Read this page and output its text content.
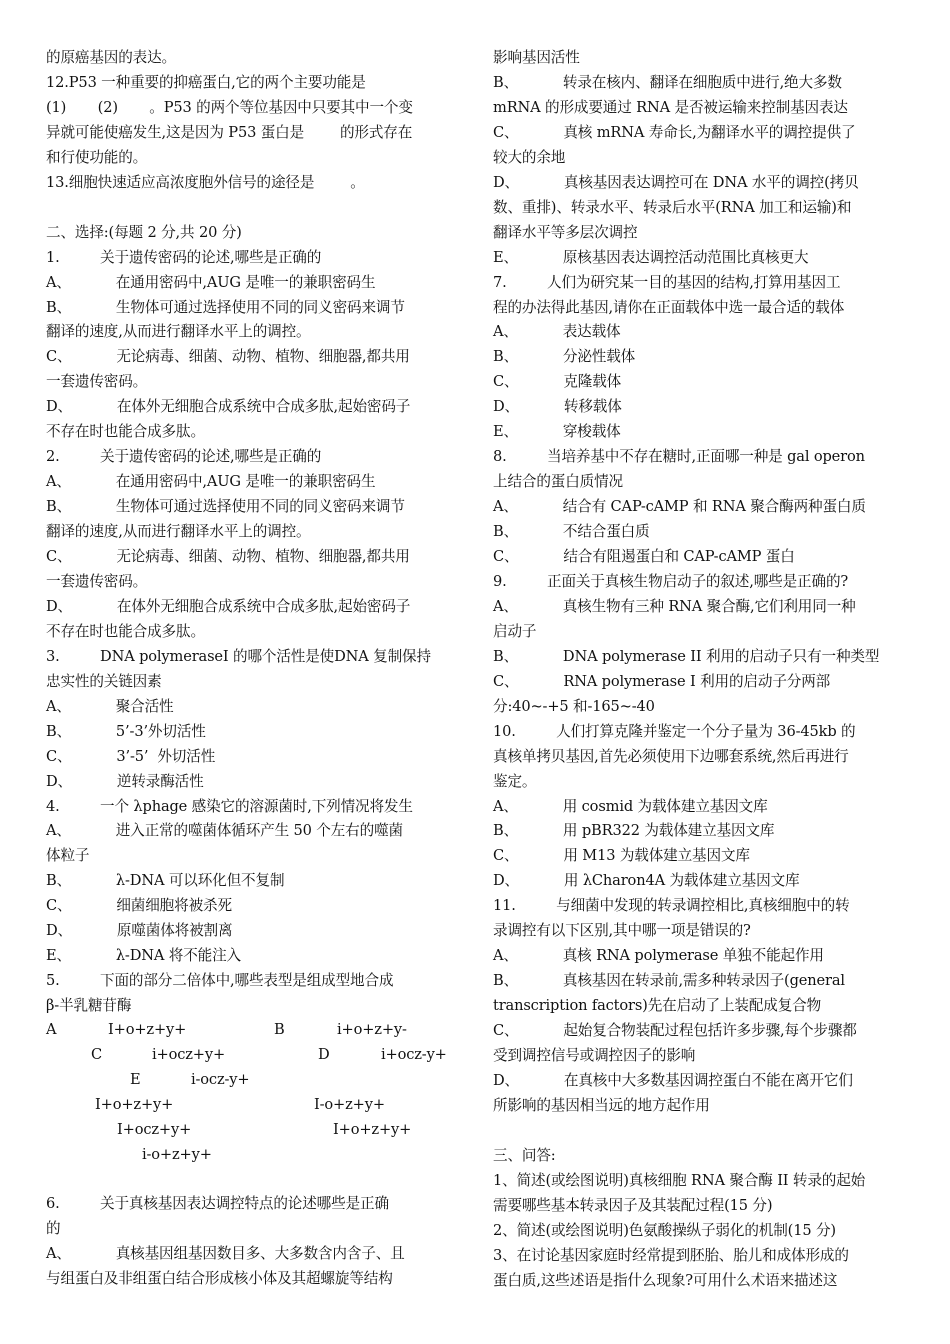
的原癌基因的表达。
12.P53 一种重要的抑癌蛋白,它的两个主要功能是
(1)       (2)       。P53 的两个等位基因中只要其中一个变
异就可能使癌发生,这是因为 P53 蛋白是        的形式存在
和行使功能的。
13.细胞快速适应高浓度胞外信号的途径是        。
二、选择:(每题 2 分,共 20 分)
1.         关于遗传密码的论述,哪些是正确的
A、          在通用密码中,AUG 是唯一的兼职密码生
B、          生物体可通过选择使用不同的同义密码来调节
翻译的速度,从而进行翻译水平上的调控。
C、          无论病毒、细菌、动物、植物、细胞器,都共用
一套遗传密码。
D、          在体外无细胞合成系统中合成多肽,起始密码子
不存在时也能合成多肽。
2.         关于遗传密码的论述,哪些是正确的
A、          在通用密码中,AUG 是唯一的兼职密码生
B、          生物体可通过选择使用不同的同义密码来调节
翻译的速度,从而进行翻译水平上的调控。
C、          无论病毒、细菌、动物、植物、细胞器,都共用
一套遗传密码。
D、          在体外无细胞合成系统中合成多肽,起始密码子
不存在时也能合成多肽。
3.         DNA polymeraseI 的哪个活性是使DNA 复制保持
忠实性的关链因素
A、          聚合活性
B、          5’-3’外切活性
C、          3’-5’  外切活性
D、          逆转录酶活性
4.         一个 λphage 感染它的溶源菌时,下列情况将发生
A、          进入正常的噬菌体循环产生 50 个左右的噬菌
体粒子
B、          λ-DNA 可以环化但不复制
C、          细菌细胞将被杀死
D、          原噬菌体将被割离
E、          λ-DNA 将不能注入
5.         下面的部分二倍体中,哪些表型是组成型地合成
β-半乳糖苷酶
A	I+o+z+y+	B	i+o+z+y-
C	i+ocz+y+	D	i+ocz-y+
E	i-ocz-y+
I+o+z+y+	I-o+z+y+
I+ocz+y+	I+o+z+y+
i-o+z+y+
6.         关于真核基因表达调控特点的论述哪些是正确
的
A、          真核基因组基因数目多、大多数含内含子、且
与组蛋白及非组蛋白结合形成核小体及其超螺旋等结构
影响基因活性
B、          转录在核内、翻译在细胞质中进行,绝大多数
mRNA 的形成要通过 RNA 是否被运输来控制基因表达
C、          真核 mRNA 寿命长,为翻译水平的调控提供了
较大的余地
D、          真核基因表达调控可在 DNA 水平的调控(拷贝
数、重排)、转录水平、转录后水平(RNA 加工和运输)和
翻译水平等多层次调控
E、          原核基因表达调控活动范围比真核更大
7.         人们为研究某一目的基因的结构,打算用基因工
程的办法得此基因,请你在正面载体中选一最合适的载体
A、          表达载体
B、          分泌性载体
C、          克隆载体
D、          转移载体
E、          穿梭载体
8.         当培养基中不存在糖时,正面哪一种是 gal operon
上结合的蛋白质情况
A、          结合有 CAP-cAMP 和 RNA 聚合酶两种蛋白质
B、          不结合蛋白质
C、          结合有阻遏蛋白和 CAP-cAMP 蛋白
9.         正面关于真核生物启动子的叙述,哪些是正确的?
A、          真核生物有三种 RNA 聚合酶,它们利用同一种
启动子
B、          DNA polymerase II 利用的启动子只有一种类型
C、          RNA polymerase I 利用的启动子分两部
分:40~-+5 和-165~-40
10.         人们打算克隆并鉴定一个分子量为 36-45kb 的
真核单拷贝基因,首先必须使用下边哪套系统,然后再进行
鉴定。
A、          用 cosmid 为载体建立基因文库
B、          用 pBR322 为载体建立基因文库
C、          用 M13 为载体建立基因文库
D、          用 λCharon4A 为载体建立基因文库
11.         与细菌中发现的转录调控相比,真核细胞中的转
录调控有以下区别,其中哪一项是错误的?
A、          真核 RNA polymerase 单独不能起作用
B、          真核基因在转录前,需多种转录因子(general
transcription factors)先在启动了上装配成复合物
C、          起始复合物装配过程包括许多步骤,每个步骤都
受到调控信号或调控因子的影响
D、          在真核中大多数基因调控蛋白不能在离开它们
所影响的基因相当远的地方起作用
三、问答:
1、简述(或绘图说明)真核细胞 RNA 聚合酶 II 转录的起始
需要哪些基本转录因子及其装配过程(15 分)
2、简述(或绘图说明)色氨酸操纵子弱化的机制(15 分)
3、在讨论基因家庭时经常提到胚胎、胎儿和成体形成的
蛋白质,这些述语是指什么现象?可用什么术语来描述这
